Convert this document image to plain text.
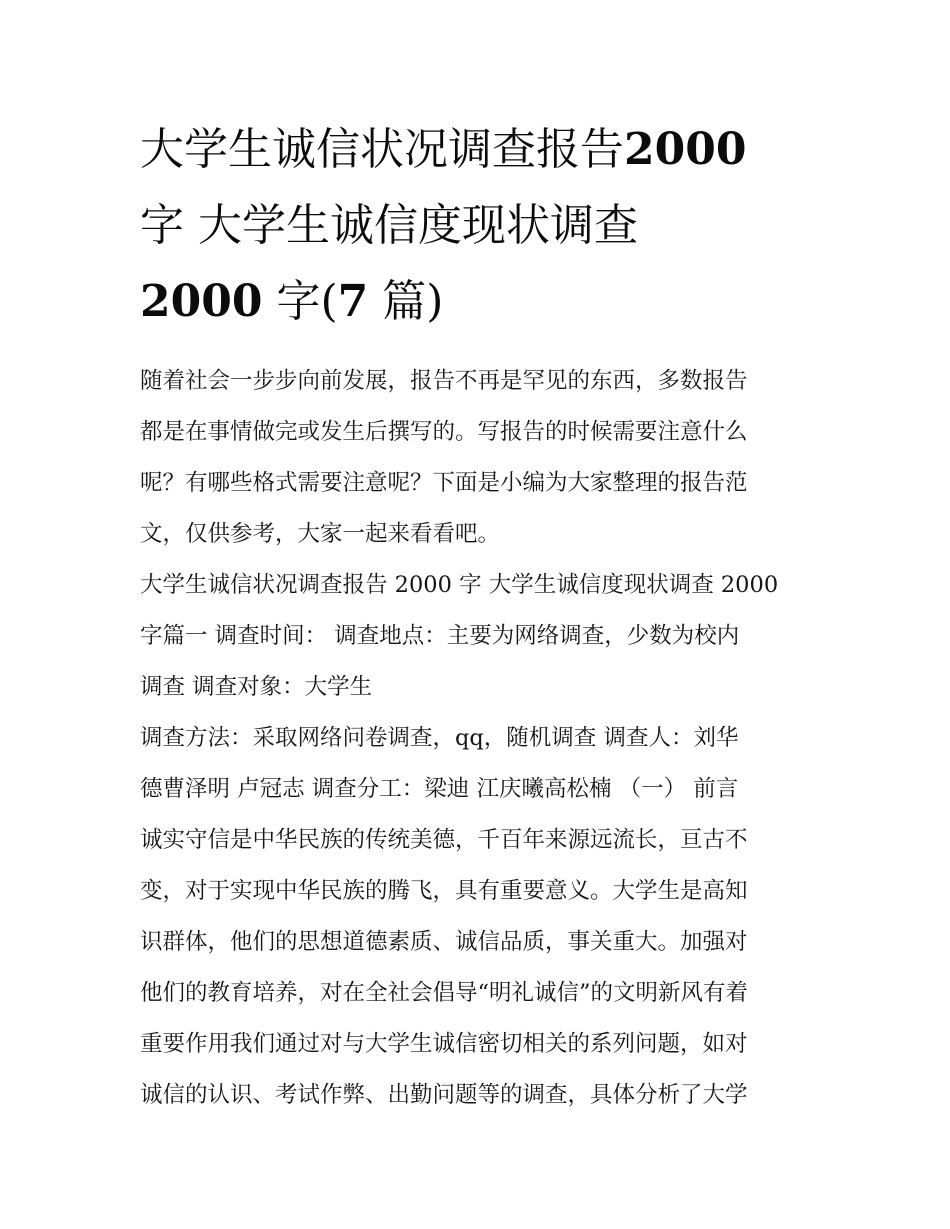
大学生诚信状况调查报告2000
字 大学生诚信度现状调查
2000 字(7 篇)

随着社会一步步向前发展，报告不再是罕见的东西，多数报告
都是在事情做完或发生后撰写的。写报告的时候需要注意什么
呢？有哪些格式需要注意呢？下面是小编为大家整理的报告范
文，仅供参考，大家一起来看看吧。

大学生诚信状况调查报告 2000 字 大学生诚信度现状调查 2000
字篇一 调查时间： 调查地点：主要为网络调查，少数为校内
调查 调查对象：大学生

调查方法：采取网络问卷调查，qq，随机调查 调查人：刘华
德曹泽明 卢冠志 调查分工：梁迪 江庆曦高松楠 （一） 前言
诚实守信是中华民族的传统美德，千百年来源远流长，亘古不
变，对于实现中华民族的腾飞，具有重要意义。大学生是高知
识群体，他们的思想道德素质、诚信品质，事关重大。加强对
他们的教育培养，对在全社会倡导“明礼诚信”的文明新风有着
重要作用我们通过对与大学生诚信密切相关的系列问题，如对
诚信的认识、考试作弊、出勤问题等的调查，具体分析了大学
